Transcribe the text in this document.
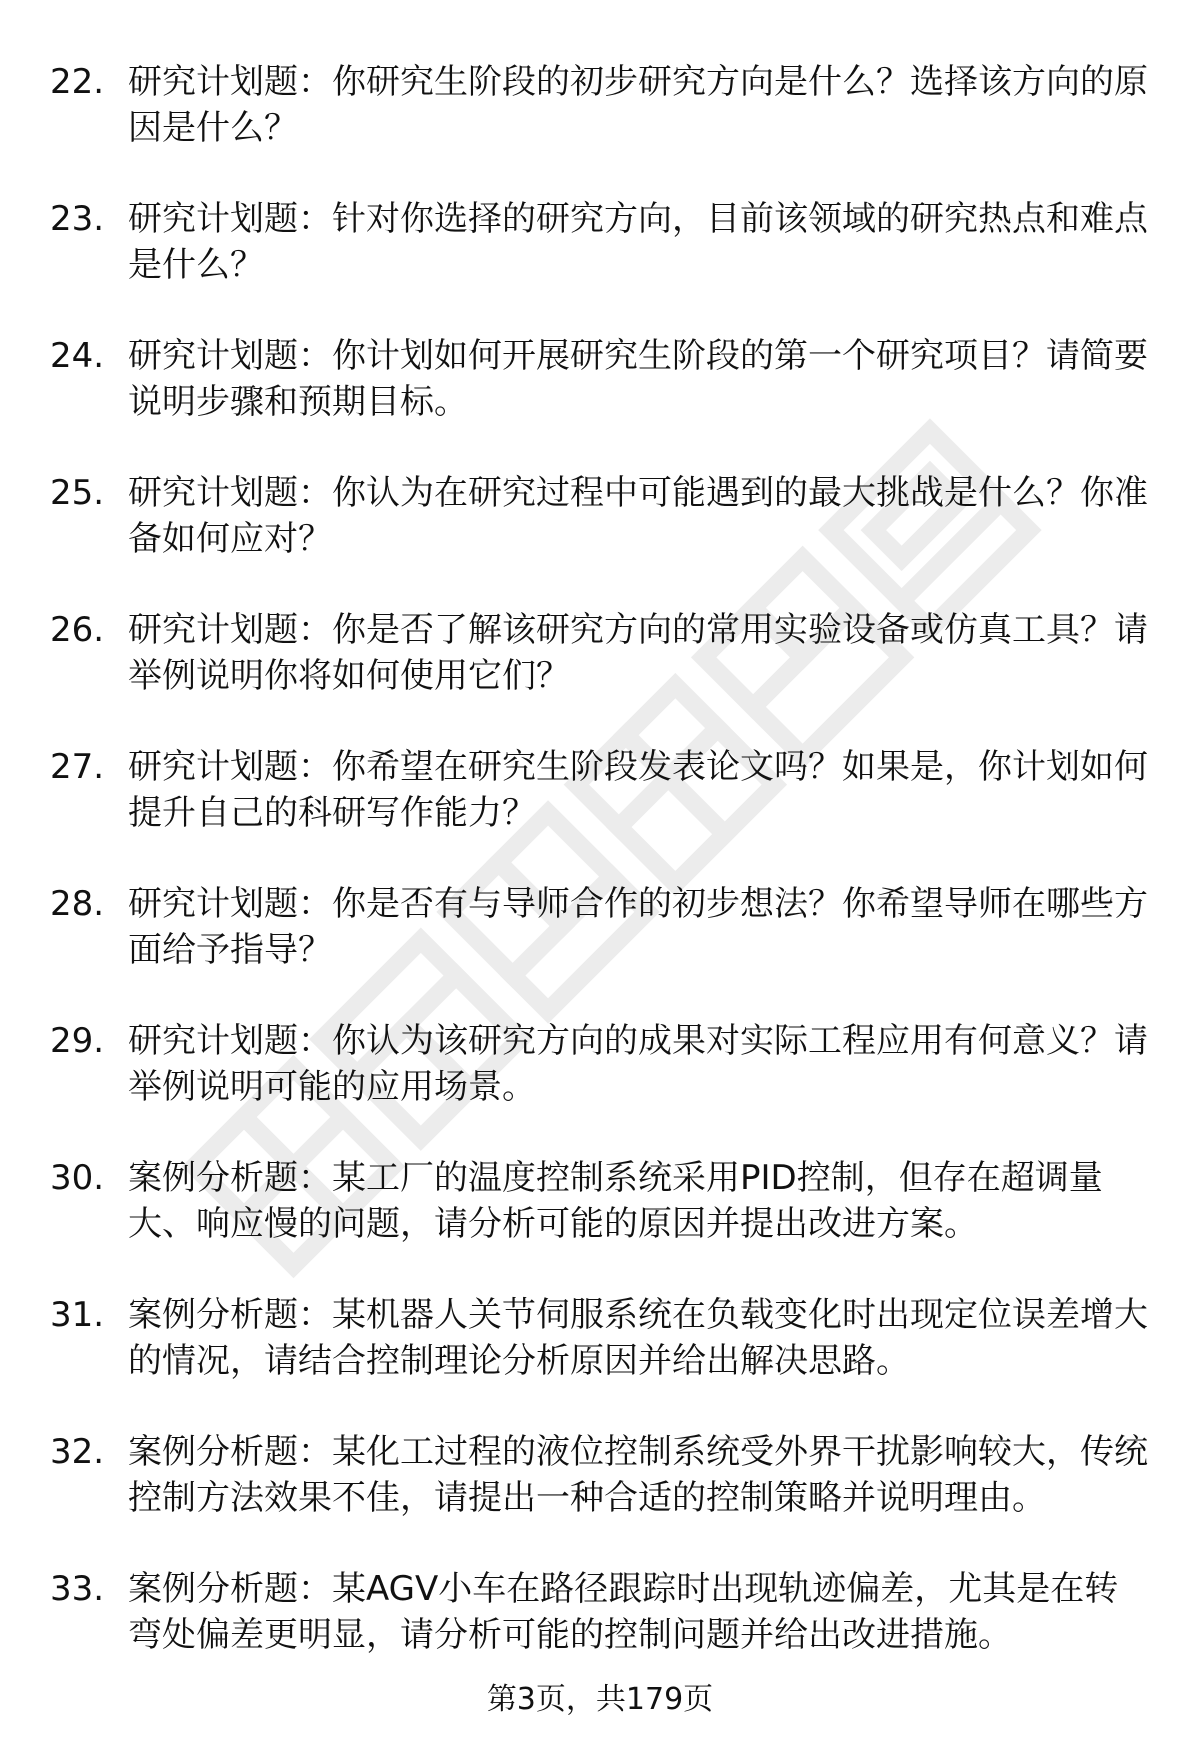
22. 研究计划题：你研究生阶段的初步研究方向是什么？选择该方向的原因是什么？
23. 研究计划题：针对你选择的研究方向，目前该领域的研究热点和难点是什么？
24. 研究计划题：你计划如何开展研究生阶段的第一个研究项目？请简要说明步骤和预期目标。
25. 研究计划题：你认为在研究过程中可能遇到的最大挑战是什么？你准备如何应对？
26. 研究计划题：你是否了解该研究方向的常用实验设备或仿真工具？请举例说明你将如何使用它们？
27. 研究计划题：你希望在研究生阶段发表论文吗？如果是，你计划如何提升自己的科研写作能力？
28. 研究计划题：你是否有与导师合作的初步想法？你希望导师在哪些方面给予指导？
29. 研究计划题：你认为该研究方向的成果对实际工程应用有何意义？请举例说明可能的应用场景。
30. 案例分析题：某工厂的温度控制系统采用PID控制，但存在超调量大、响应慢的问题，请分析可能的原因并提出改进方案。
31. 案例分析题：某机器人关节伺服系统在负载变化时出现定位误差增大的情况，请结合控制理论分析原因并给出解决思路。
32. 案例分析题：某化工过程的液位控制系统受外界干扰影响较大，传统控制方法效果不佳，请提出一种合适的控制策略并说明理由。
33. 案例分析题：某AGV小车在路径跟踪时出现轨迹偏差，尤其是在转弯处偏差更明显，请分析可能的控制问题并给出改进措施。
第3页，共179页
